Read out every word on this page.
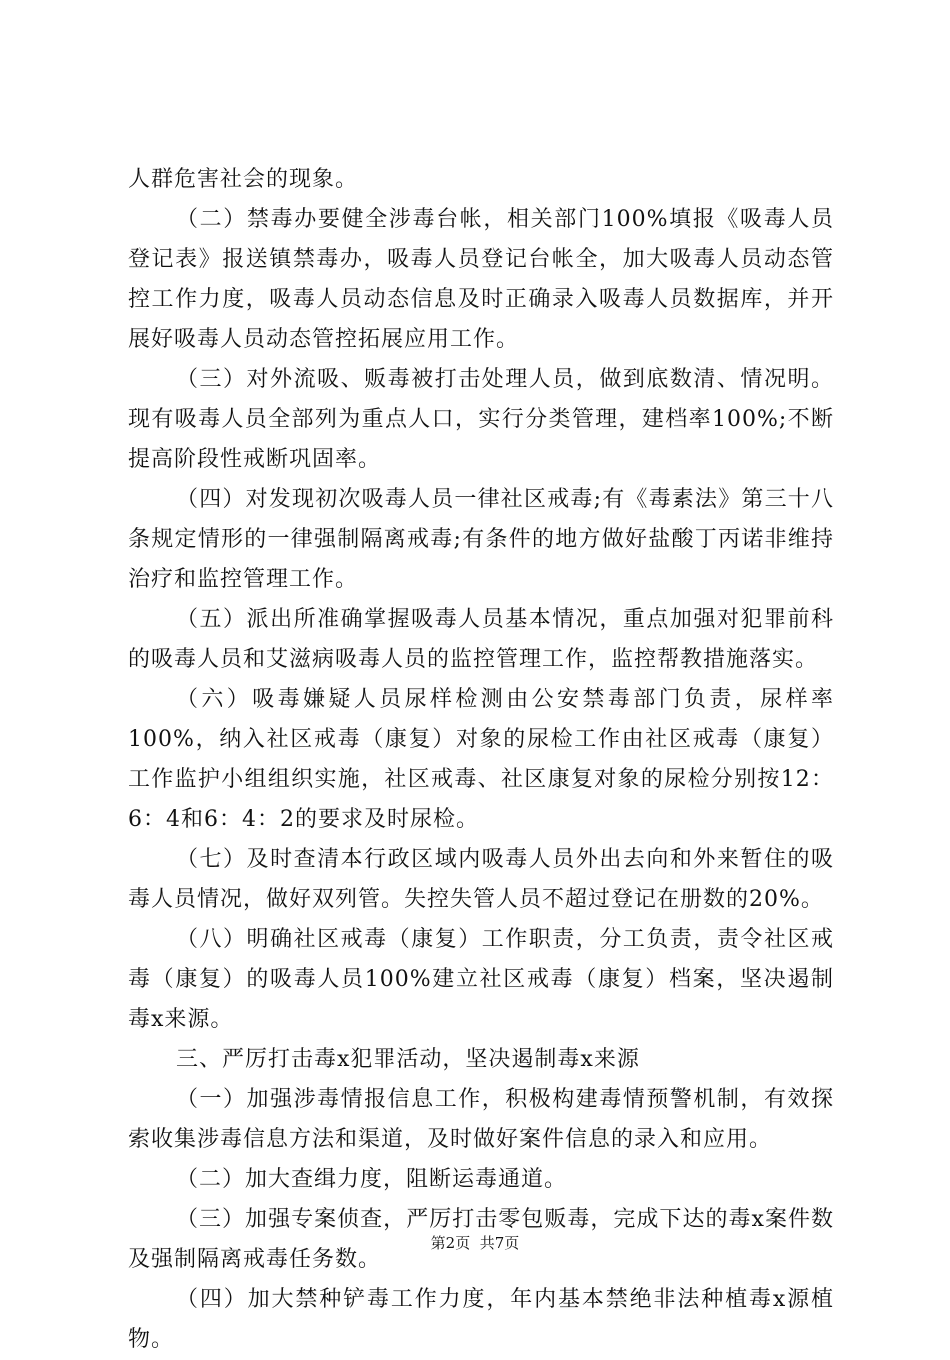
人群危害社会的现象。

（二）禁毒办要健全涉毒台帐，相关部门100%填报《吸毒人员登记表》报送镇禁毒办，吸毒人员登记台帐全，加大吸毒人员动态管控工作力度，吸毒人员动态信息及时正确录入吸毒人员数据库，并开展好吸毒人员动态管控拓展应用工作。

（三）对外流吸、贩毒被打击处理人员，做到底数清、情况明。现有吸毒人员全部列为重点人口，实行分类管理，建档率100%;不断提高阶段性戒断巩固率。

（四）对发现初次吸毒人员一律社区戒毒;有《毒素法》第三十八条规定情形的一律强制隔离戒毒;有条件的地方做好盐酸丁丙诺非维持治疗和监控管理工作。

（五）派出所准确掌握吸毒人员基本情况，重点加强对犯罪前科的吸毒人员和艾滋病吸毒人员的监控管理工作，监控帮教措施落实。

（六）吸毒嫌疑人员尿样检测由公安禁毒部门负责，尿样率100%，纳入社区戒毒（康复）对象的尿检工作由社区戒毒（康复）工作监护小组组织实施，社区戒毒、社区康复对象的尿检分别按12：6：4和6：4：2的要求及时尿检。

（七）及时查清本行政区域内吸毒人员外出去向和外来暂住的吸毒人员情况，做好双列管。失控失管人员不超过登记在册数的20%。

（八）明确社区戒毒（康复）工作职责，分工负责，责令社区戒毒（康复）的吸毒人员100%建立社区戒毒（康复）档案，坚决遏制毒x来源。

三、严厉打击毒x犯罪活动，坚决遏制毒x来源

（一）加强涉毒情报信息工作，积极构建毒情预警机制，有效探索收集涉毒信息方法和渠道，及时做好案件信息的录入和应用。

（二）加大查缉力度，阻断运毒通道。

（三）加强专案侦查，严厉打击零包贩毒，完成下达的毒x案件数及强制隔离戒毒任务数。

（四）加大禁种铲毒工作力度，年内基本禁绝非法种植毒x源植物。

第2页 共7页
